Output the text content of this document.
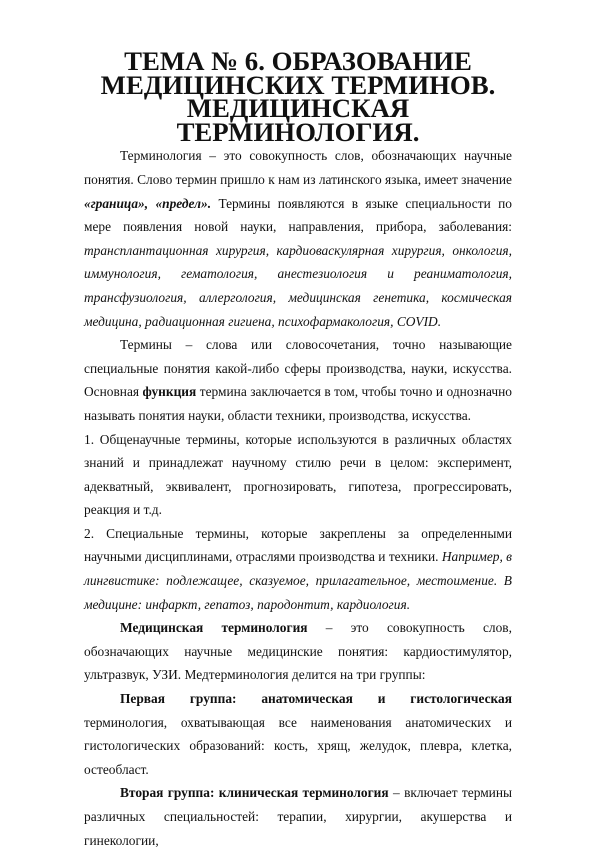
ТЕМА № 6. ОБРАЗОВАНИЕ МЕДИЦИНСКИХ ТЕРМИНОВ.
МЕДИЦИНСКАЯ ТЕРМИНОЛОГИЯ.

Терминология – это совокупность слов, обозначающих научные понятия. Слово термин пришло к нам из латинского языка, имеет значение «граница», «предел». Термины появляются в языке специальности по мере появления новой науки, направления, прибора, заболевания: трансплантационная хирургия, кардиоваскулярная хирургия, онкология, иммунология, гематология, анестезиология и реаниматология, трансфузиология, аллергология, медицинская генетика, космическая медицина, радиационная гигиена, психофармакология, COVID.

Термины – слова или словосочетания, точно называющие специальные понятия какой-либо сферы производства, науки, искусства. Основная функция термина заключается в том, чтобы точно и однозначно называть понятия науки, области техники, производства, искусства.

1. Общенаучные термины, которые используются в различных областях знаний и принадлежат научному стилю речи в целом: эксперимент, адекватный, эквивалент, прогнозировать, гипотеза, прогрессировать, реакция и т.д.

2. Специальные термины, которые закреплены за определенными научными дисциплинами, отраслями производства и техники. Например, в лингвистике: подлежащее, сказуемое, прилагательное, местоимение. В медицине: инфаркт, гепатоз, пародонтит, кардиология.

Медицинская терминология – это совокупность слов, обозначающих научные медицинские понятия: кардиостимулятор, ультразвук, УЗИ. Медтерминология делится на три группы:

Первая группа: анатомическая и гистологическая терминология, охватывающая все наименования анатомических и гистологических образований: кость, хрящ, желудок, плевра, клетка, остеобласт.

Вторая группа: клиническая терминология – включает термины различных специальностей: терапии, хирургии, акушерства и гинекологии,
